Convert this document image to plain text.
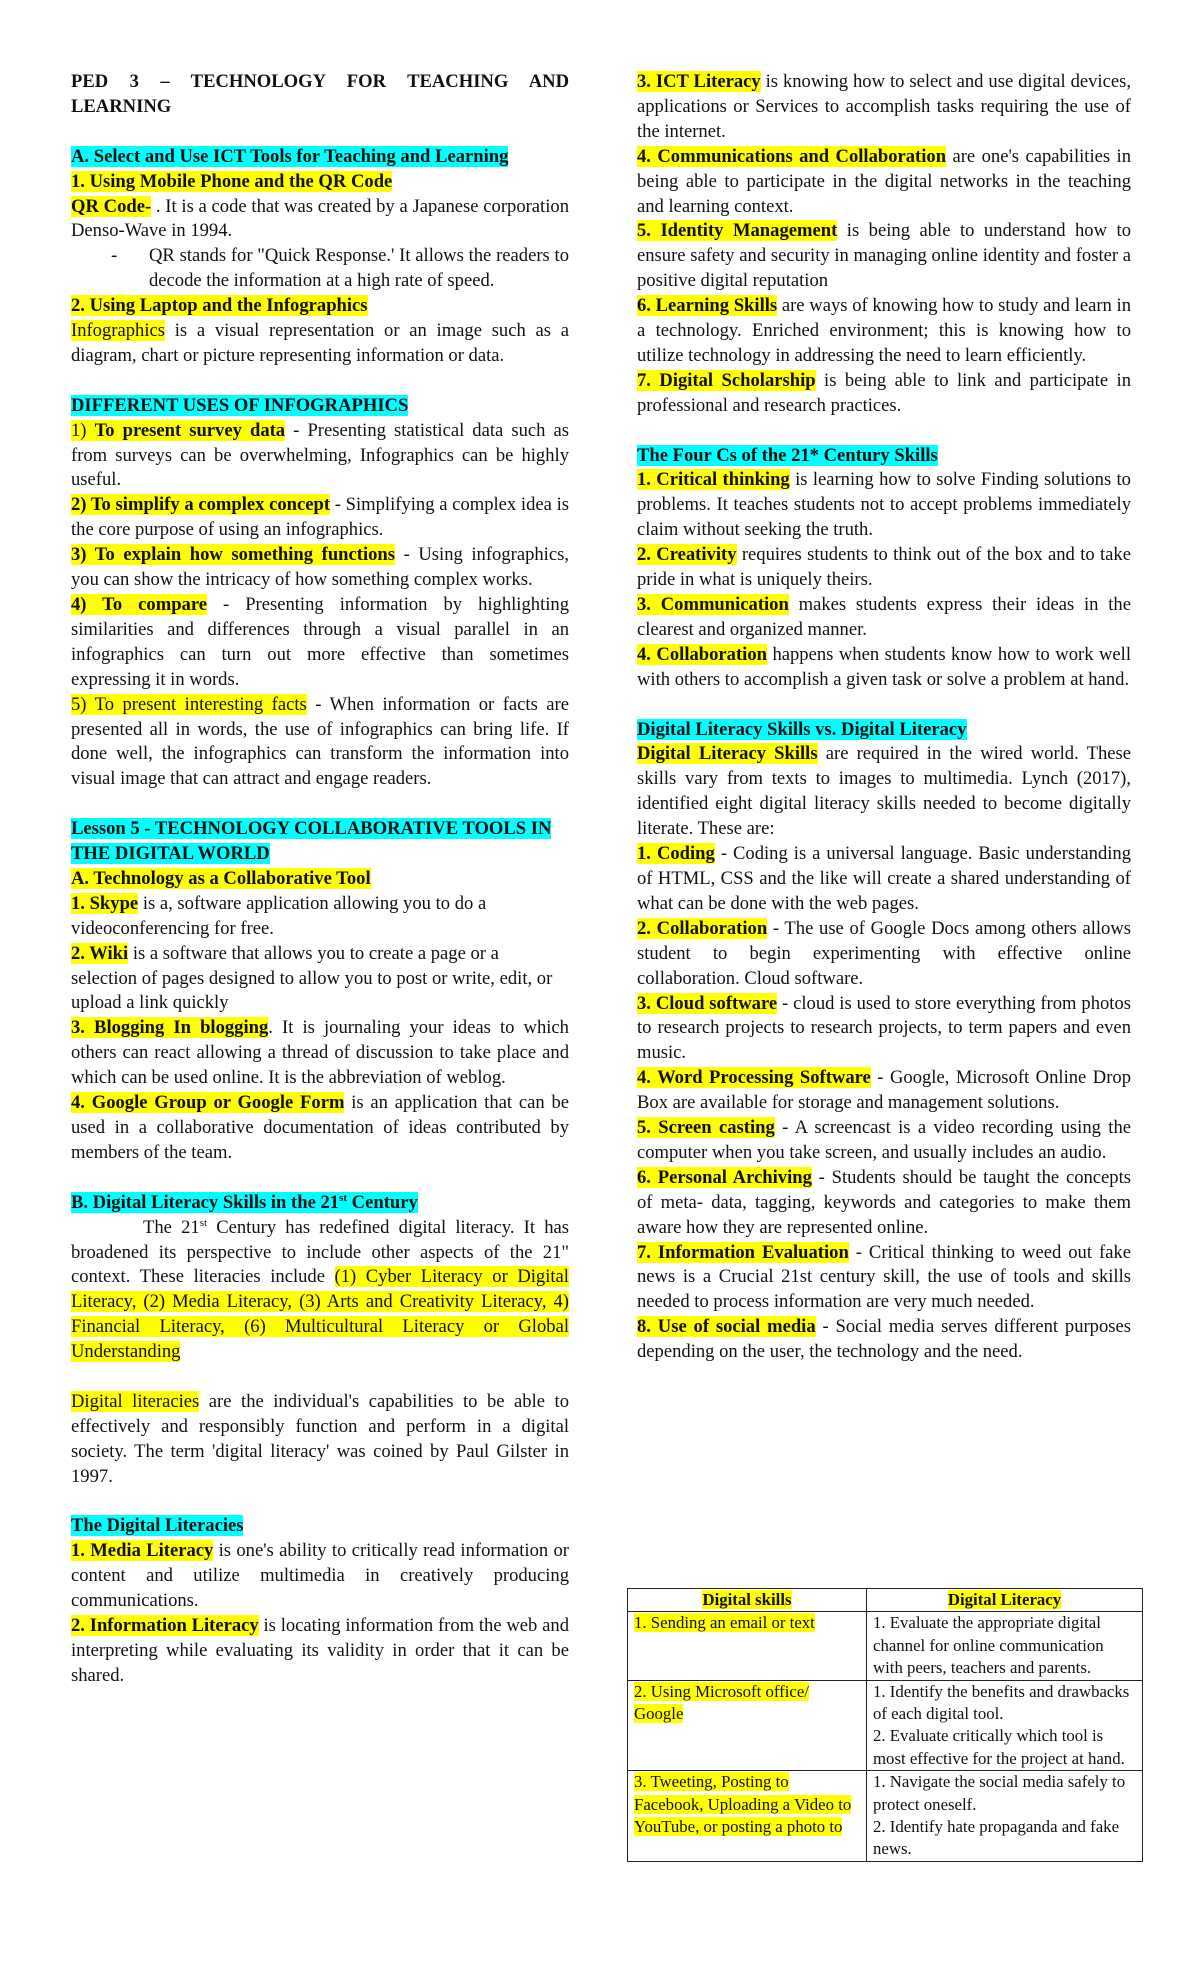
PED 3 – TECHNOLOGY FOR TEACHING AND LEARNING

A. Select and Use ICT Tools for Teaching and Learning

1. Using Mobile Phone and the QR Code

QR Code- . It is a code that was created by a Japanese corporation Denso-Wave in 1994.

- QR stands for "Quick Response.' It allows the readers to decode the information at a high rate of speed.

2. Using Laptop and the Infographics

Infographics is a visual representation or an image such as a diagram, chart or picture representing information or data.

DIFFERENT USES OF INFOGRAPHICS

1) To present survey data - Presenting statistical data such as from surveys can be overwhelming, Infographics can be highly useful.

2) To simplify a complex concept - Simplifying a complex idea is the core purpose of using an infographics.

3) To explain how something functions - Using infographics, you can show the intricacy of how something complex works.

4) To compare - Presenting information by highlighting similarities and differences through a visual parallel in an infographics can turn out more effective than sometimes expressing it in words.

5) To present interesting facts - When information or facts are presented all in words, the use of infographics can bring life. If done well, the infographics can transform the information into visual image that can attract and engage readers.

Lesson 5 - TECHNOLOGY COLLABORATIVE TOOLS IN THE DIGITAL WORLD

A. Technology as a Collaborative Tool

1. Skype is a, software application allowing you to do a videoconferencing for free.

2. Wiki is a software that allows you to create a page or a selection of pages designed to allow you to post or write, edit, or upload a link quickly

3. Blogging In blogging. It is journaling your ideas to which others can react allowing a thread of discussion to take place and which can be used online. It is the abbreviation of weblog.

4. Google Group or Google Form is an application that can be used in a collaborative documentation of ideas contributed by members of the team.

B. Digital Literacy Skills in the 21st Century

The 21st Century has redefined digital literacy. It has broadened its perspective to include other aspects of the 21" context. These literacies include (1) Cyber Literacy or Digital Literacy, (2) Media Literacy, (3) Arts and Creativity Literacy, 4) Financial Literacy, (6) Multicultural Literacy or Global Understanding

Digital literacies are the individual's capabilities to be able to effectively and responsibly function and perform in a digital society. The term 'digital literacy' was coined by Paul Gilster in 1997.

The Digital Literacies

1. Media Literacy is one's ability to critically read information or content and utilize multimedia in creatively producing communications.

2. Information Literacy is locating information from the web and interpreting while evaluating its validity in order that it can be shared.

3. ICT Literacy is knowing how to select and use digital devices, applications or Services to accomplish tasks requiring the use of the internet.

4. Communications and Collaboration are one's capabilities in being able to participate in the digital networks in the teaching and learning context.

5. Identity Management is being able to understand how to ensure safety and security in managing online identity and foster a positive digital reputation

6. Learning Skills are ways of knowing how to study and learn in a technology. Enriched environment; this is knowing how to utilize technology in addressing the need to learn efficiently.

7. Digital Scholarship is being able to link and participate in professional and research practices.

The Four Cs of the 21* Century Skills

1. Critical thinking is learning how to solve Finding solutions to problems. It teaches students not to accept problems immediately claim without seeking the truth.

2. Creativity requires students to think out of the box and to take pride in what is uniquely theirs.

3. Communication makes students express their ideas in the clearest and organized manner.

4. Collaboration happens when students know how to work well with others to accomplish a given task or solve a problem at hand.

Digital Literacy Skills vs. Digital Literacy

Digital Literacy Skills are required in the wired world. These skills vary from texts to images to multimedia. Lynch (2017), identified eight digital literacy skills needed to become digitally literate. These are:

1. Coding - Coding is a universal language. Basic understanding of HTML, CSS and the like will create a shared understanding of what can be done with the web pages.

2. Collaboration - The use of Google Docs among others allows student to begin experimenting with effective online collaboration. Cloud software.

3. Cloud software - cloud is used to store everything from photos to research projects to research projects, to term papers and even music.

4. Word Processing Software - Google, Microsoft Online Drop Box are available for storage and management solutions.

5. Screen casting - A screencast is a video recording using the computer when you take screen, and usually includes an audio.

6. Personal Archiving - Students should be taught the concepts of meta- data, tagging, keywords and categories to make them aware how they are represented online.

7. Information Evaluation - Critical thinking to weed out fake news is a Crucial 21st century skill, the use of tools and skills needed to process information are very much needed.

8. Use of social media - Social media serves different purposes depending on the user, the technology and the need.

Digital skills	Digital Literacy
1. Sending an email or text	1. Evaluate the appropriate digital channel for online communication with peers, teachers and parents.
2. Using Microsoft office/ Google	1. Identify the benefits and drawbacks of each digital tool.
2. Evaluate critically which tool is most effective for the project at hand.

3. Tweeting, Posting to Facebook, Uploading a Video to YouTube, or posting a photo to	1. Navigate the social media safely to protect oneself.
2. Identify hate propaganda and fake news.
